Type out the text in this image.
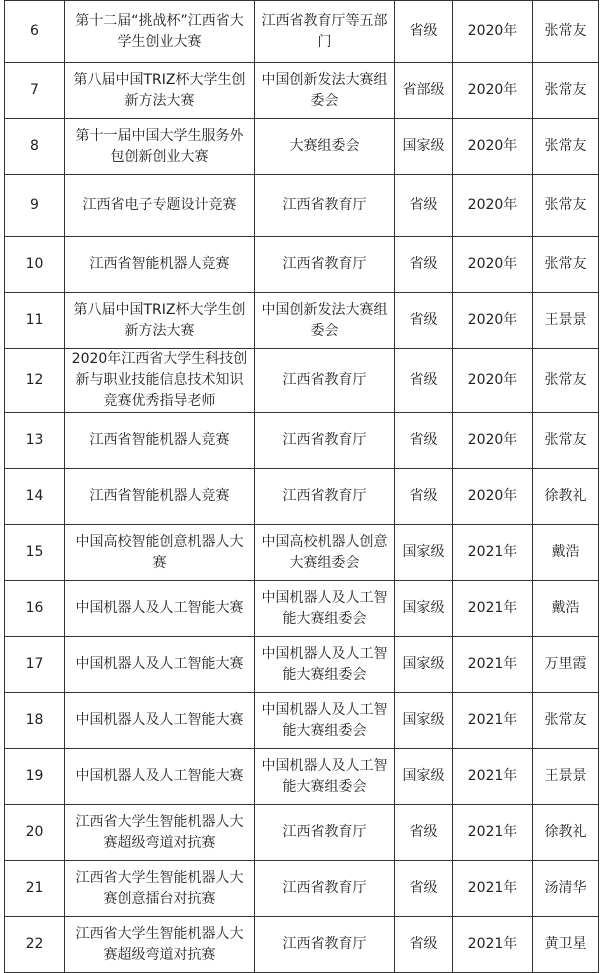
6	第十二届“挑战杯”江西省大学生创业大赛	江西省教育厅等五部门	省级	2020年	张常友
7	第八届中国TRIZ杯大学生创新方法大赛	中国创新发法大赛组委会	省部级	2020年	张常友
8	第十一届中国大学生服务外包创新创业大赛	大赛组委会	国家级	2020年	张常友
9	江西省电子专题设计竞赛	江西省教育厅	省级	2020年	张常友
10	江西省智能机器人竞赛	江西省教育厅	省级	2020年	张常友
11	第八届中国TRIZ杯大学生创新方法大赛	中国创新发法大赛组委会	省级	2020年	王景景
12	2020年江西省大学生科技创新与职业技能信息技术知识竞赛优秀指导老师	江西省教育厅	省级	2020年	张常友
13	江西省智能机器人竞赛	江西省教育厅	省级	2020年	张常友
14	江西省智能机器人竞赛	江西省教育厅	省级	2020年	徐教礼
15	中国高校智能创意机器人大赛	中国高校机器人创意大赛组委会	国家级	2021年	戴浩
16	中国机器人及人工智能大赛	中国机器人及人工智能大赛组委会	国家级	2021年	戴浩
17	中国机器人及人工智能大赛	中国机器人及人工智能大赛组委会	国家级	2021年	万里霞
18	中国机器人及人工智能大赛	中国机器人及人工智能大赛组委会	国家级	2021年	张常友
19	中国机器人及人工智能大赛	中国机器人及人工智能大赛组委会	国家级	2021年	王景景
20	江西省大学生智能机器人大赛超级弯道对抗赛	江西省教育厅	省级	2021年	徐教礼
21	江西省大学生智能机器人大赛创意擂台对抗赛	江西省教育厅	省级	2021年	汤清华
22	江西省大学生智能机器人大赛超级弯道对抗赛	江西省教育厅	省级	2021年	黄卫星
